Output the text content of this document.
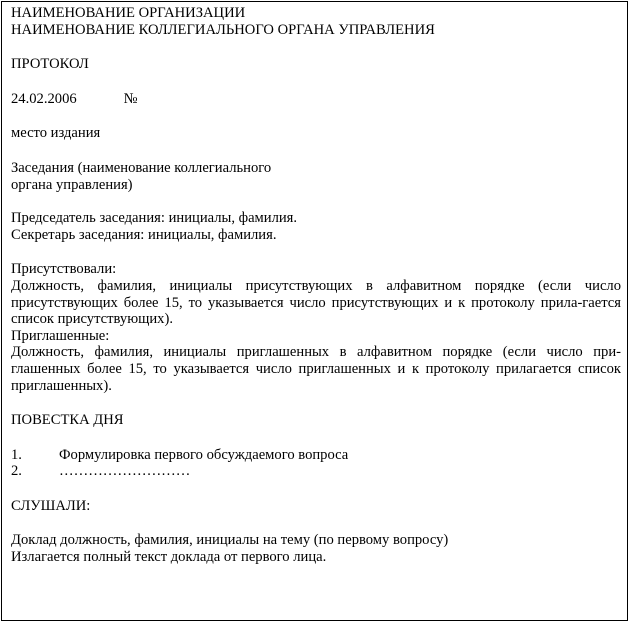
НАИМЕНОВАНИЕ ОРГАНИЗАЦИИ

НАИМЕНОВАНИЕ КОЛЛЕГИАЛЬНОГО ОРГАНА УПРАВЛЕНИЯ

ПРОТОКОЛ

24.02.2006	№

место издания

Заседания (наименование коллегиального

органа управления)

Председатель заседания: инициалы, фамилия.

Секретарь заседания: инициалы, фамилия.

Присутствовали:

Должность, фамилия, инициалы присутствующих в алфавитном порядке (если число присутствующих более 15, то указывается число присутствующих и к протоколу прила-гается список присутствующих).

Приглашенные:

Должность, фамилия, инициалы приглашенных в алфавитном порядке (если число при-глашенных более 15, то указывается число приглашенных и к протоколу прилагается список приглашенных).

ПОВЕСТКА ДНЯ

1.	Формулировка первого обсуждаемого вопроса
2.	………………………

СЛУШАЛИ:

Доклад должность, фамилия, инициалы на тему (по первому вопросу)

Излагается полный текст доклада от первого лица.
